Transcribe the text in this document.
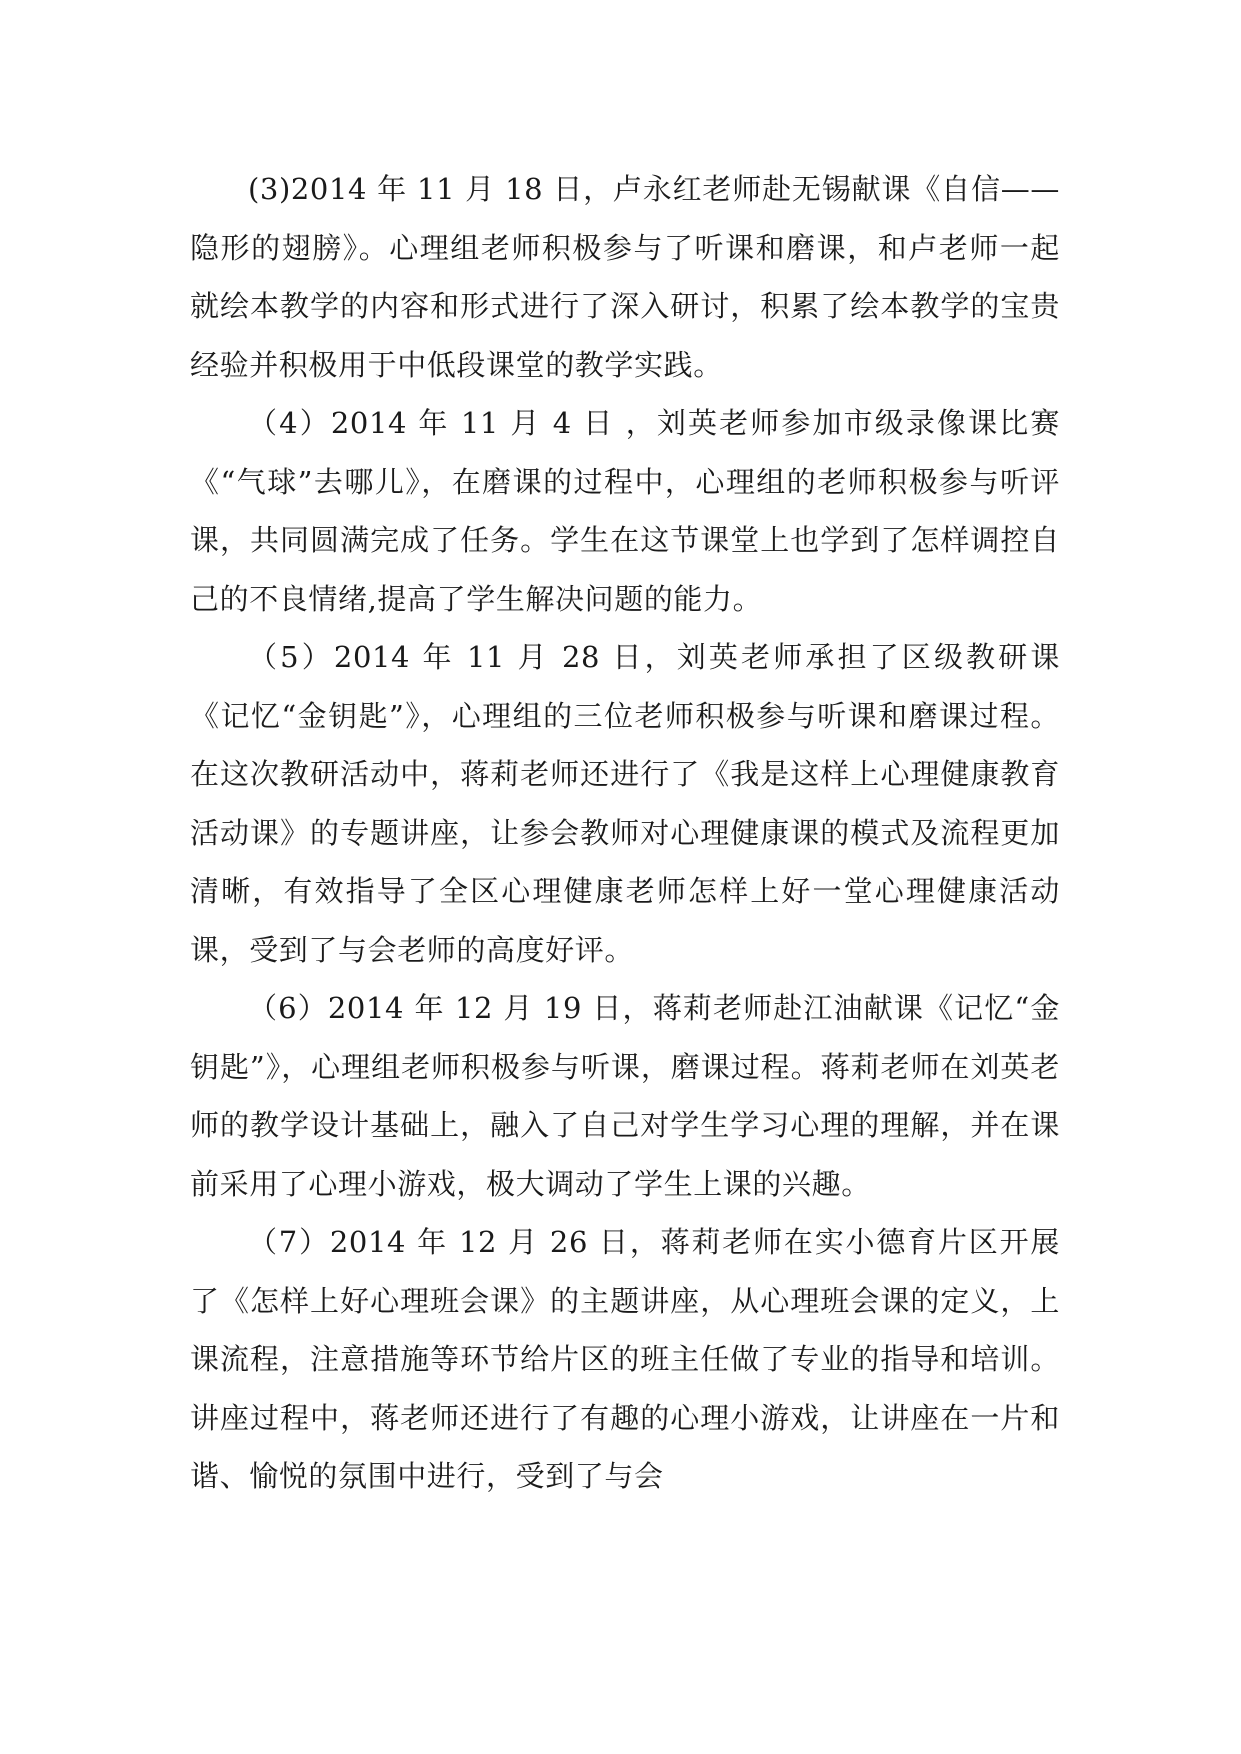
(3)2014 年 11 月 18 日，卢永红老师赴无锡献课《自信——隐形的翅膀》。心理组老师积极参与了听课和磨课，和卢老师一起就绘本教学的内容和形式进行了深入研讨，积累了绘本教学的宝贵经验并积极用于中低段课堂的教学实践。

（4）2014 年 11 月 4 日 ，刘英老师参加市级录像课比赛《“气球”去哪儿》，在磨课的过程中，心理组的老师积极参与听评课，共同圆满完成了任务。学生在这节课堂上也学到了怎样调控自己的不良情绪,提高了学生解决问题的能力。

（5）2014 年 11 月 28 日，刘英老师承担了区级教研课《记忆“金钥匙”》，心理组的三位老师积极参与听课和磨课过程。在这次教研活动中，蒋莉老师还进行了《我是这样上心理健康教育活动课》的专题讲座，让参会教师对心理健康课的模式及流程更加清晰，有效指导了全区心理健康老师怎样上好一堂心理健康活动课，受到了与会老师的高度好评。

（6）2014 年 12 月 19 日，蒋莉老师赴江油献课《记忆“金钥匙”》，心理组老师积极参与听课，磨课过程。蒋莉老师在刘英老师的教学设计基础上，融入了自己对学生学习心理的理解，并在课前采用了心理小游戏，极大调动了学生上课的兴趣。

（7）2014 年 12 月 26 日，蒋莉老师在实小德育片区开展了《怎样上好心理班会课》的主题讲座，从心理班会课的定义，上课流程，注意措施等环节给片区的班主任做了专业的指导和培训。讲座过程中，蒋老师还进行了有趣的心理小游戏，让讲座在一片和谐、愉悦的氛围中进行，受到了与会
